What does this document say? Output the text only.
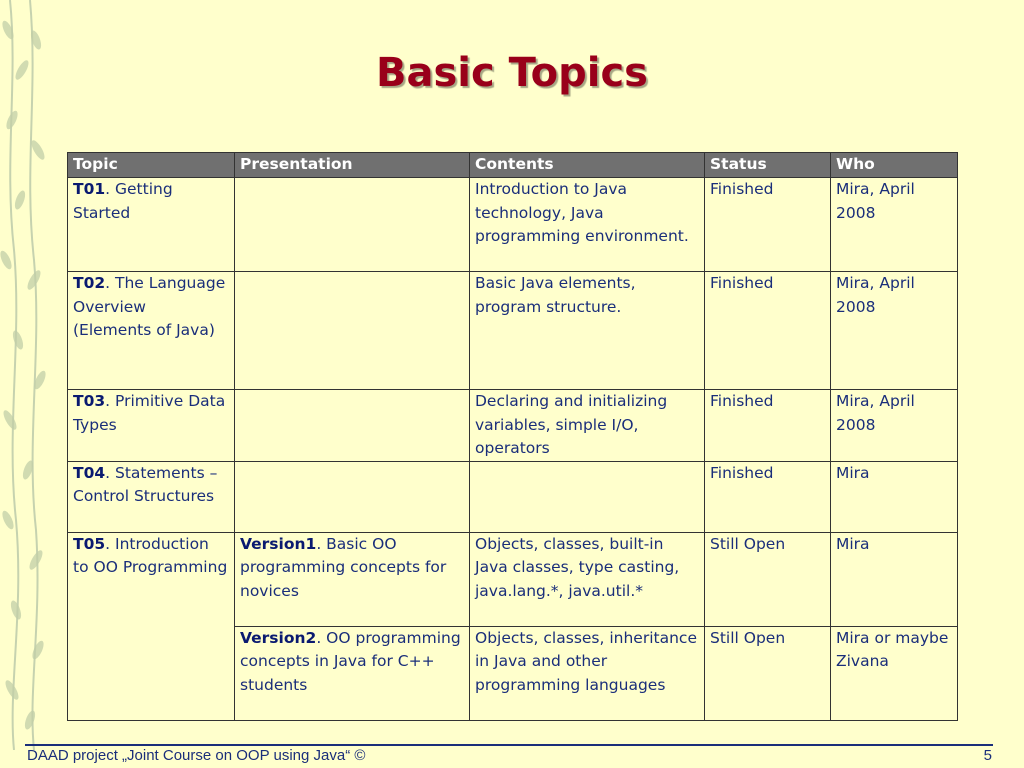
Basic Topics
Topic	Presentation	Contents	Status	Who
T01. Getting Started		Introduction to Java technology, Java programming environment.	Finished	Mira, April 2008
T02. The Language Overview (Elements of Java)		Basic Java elements, program structure.	Finished	Mira, April 2008
T03. Primitive Data Types		Declaring and initializing variables, simple I/O, operators	Finished	Mira, April 2008
T04. Statements – Control Structures			Finished	Mira
T05. Introduction to OO Programming	Version1. Basic OO programming concepts for novices	Objects, classes, built-in Java classes, type casting, java.lang.*, java.util.*	Still Open	Mira
	Version2. OO programming concepts in Java for C++ students	Objects, classes, inheritance in Java and other programming languages	Still Open	Mira or maybe Zivana
DAAD project „Joint Course on OOP using Java“ ©	5
